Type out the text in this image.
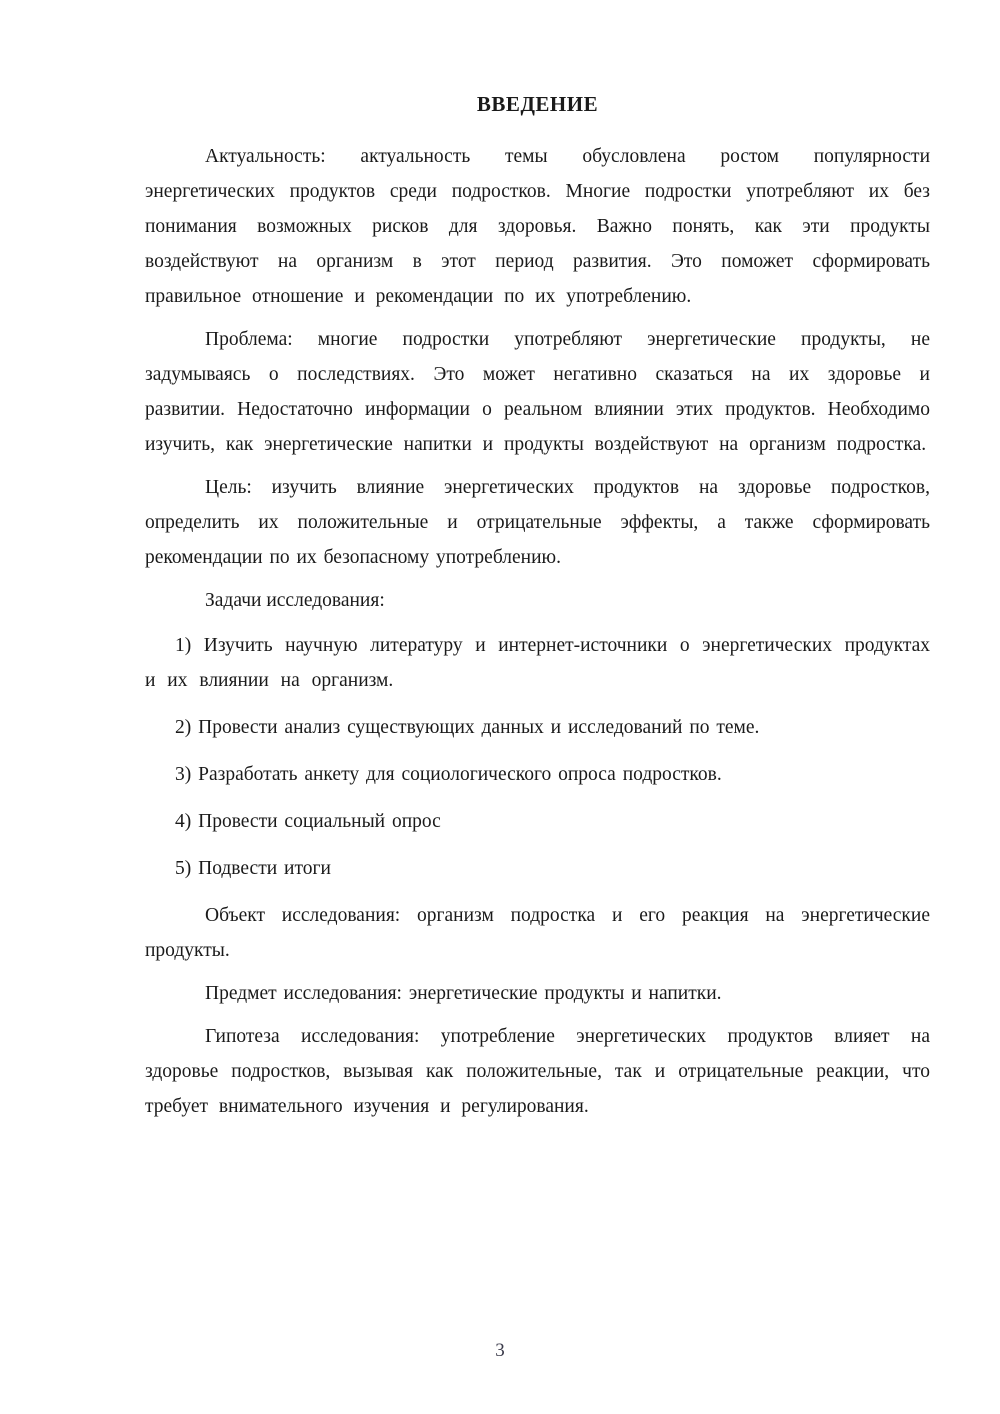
ВВЕДЕНИЕ

Актуальность: актуальность темы обусловлена ростом популярности энергетических продуктов среди подростков. Многие подростки употребляют их без понимания возможных рисков для здоровья. Важно понять, как эти продукты воздействуют на организм в этот период развития. Это поможет сформировать правильное отношение и рекомендации по их употреблению.

Проблема: многие подростки употребляют энергетические продукты, не задумываясь о последствиях. Это может негативно сказаться на их здоровье и развитии. Недостаточно информации о реальном влиянии этих продуктов. Необходимо изучить, как энергетические напитки и продукты воздействуют на организм подростка.

Цель: изучить влияние энергетических продуктов на здоровье подростков, определить их положительные и отрицательные эффекты, а также сформировать рекомендации по их безопасному употреблению.

Задачи исследования:

1) Изучить научную литературу и интернет-источники о энергетических продуктах и их влиянии на организм.

2) Провести анализ существующих данных и исследований по теме.

3) Разработать анкету для социологического опроса подростков.

4) Провести социальный опрос

5) Подвести итоги

Объект исследования: организм подростка и его реакция на энергетические продукты.

Предмет исследования: энергетические продукты и напитки.

Гипотеза исследования: употребление энергетических продуктов влияет на здоровье подростков, вызывая как положительные, так и отрицательные реакции, что требует внимательного изучения и регулирования.

3
